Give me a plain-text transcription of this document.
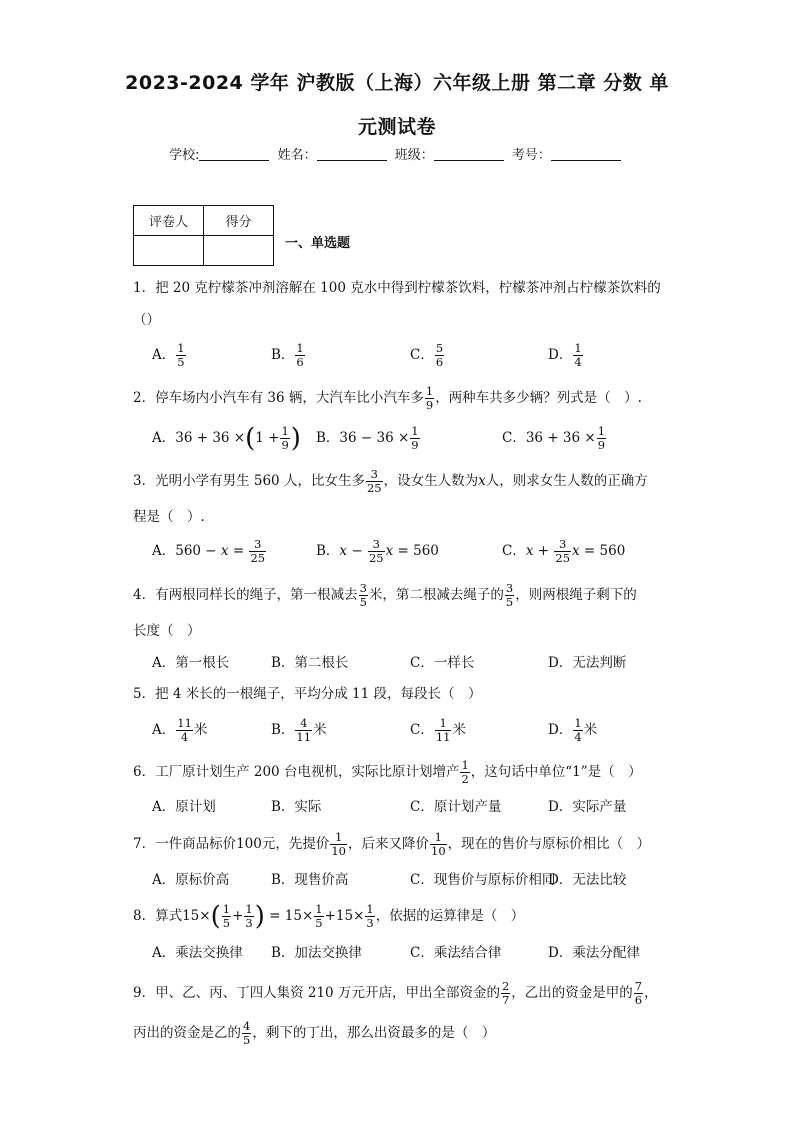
2023-2024 学年 沪教版（上海）六年级上册 第二章 分数 单
元测试卷
学校:	姓名：	班级：	考号：
评卷人	得分

一、单选题
1．把 20 克柠檬茶冲剂溶解在 100 克水中得到柠檬茶饮料，柠檬茶冲剂占柠檬茶饮料的
（）
A． $\frac{1}{5}$	B． $\frac{1}{6}$	C． $\frac{5}{6}$	D． $\frac{1}{4}$
2．停车场内小汽车有 36 辆，大汽车比小汽车多 $\frac{1}{9}$ ，两种车共多少辆？列式是（　）.
A．$36 + 36 \times(1 + \frac{1}{9}$ ) B．$36 - 36 \times \frac{1}{9}$	C．$36 + 36 \times \frac{1}{9}$
3．光明小学有男生 560 人，比女生多 $\frac{3}{25}$ ，设女生人数为x人，则求女生人数的正确方
程是（　）.
A．$560 - x = \frac{3}{25}$	B．$x - \frac{3}{25}$ x = 560	C．$x + \frac{3}{25}$ x = 560
4．有两根同样长的绳子，第一根减去 $\frac{3}{5}$ 米，第二根减去绳子的 $\frac{3}{5}$ ，则两根绳子剩下的
长度（　）
A．第一根长	B．第二根长	C．一样长	D．无法判断
5．把 4 米长的一根绳子，平均分成 11 段，每段长（　）
A． $\frac{11}{4}$ 米	B． $\frac{4}{11}$ 米	C． $\frac{1}{11}$ 米	D． $\frac{1}{4}$ 米
6．工厂原计划生产 200 台电视机，实际比原计划增产 $\frac{1}{2}$ ，这句话中单位“1”是（　）
A．原计划	B．实际	C．原计划产量	D．实际产量
7．一件商品标价100元，先提价 $\frac{1}{10}$ ，后来又降价 $\frac{1}{10}$ ，现在的售价与原标价相比（　）
A．原标价高	B．现售价高	C．现售价与原标价相同
D．无法比较
8．算式$15\times( \frac{1}{5} + \frac{1}{3}$ ) = $15\times \frac{1}{5} +15\times \frac{1}{3}$ ，依据的运算律是（　）
A．乘法交换律 B．加法交换律	C．乘法结合律	D．乘法分配律
9．甲、乙、丙、丁四人集资 210 万元开店，甲出全部资金的 $\frac{2}{7}$ ，乙出的资金是甲的 $\frac{7}{6}$ ，
丙出的资金是乙的 $\frac{4}{5}$ ，剩下的丁出，那么出资最多的是（　）
